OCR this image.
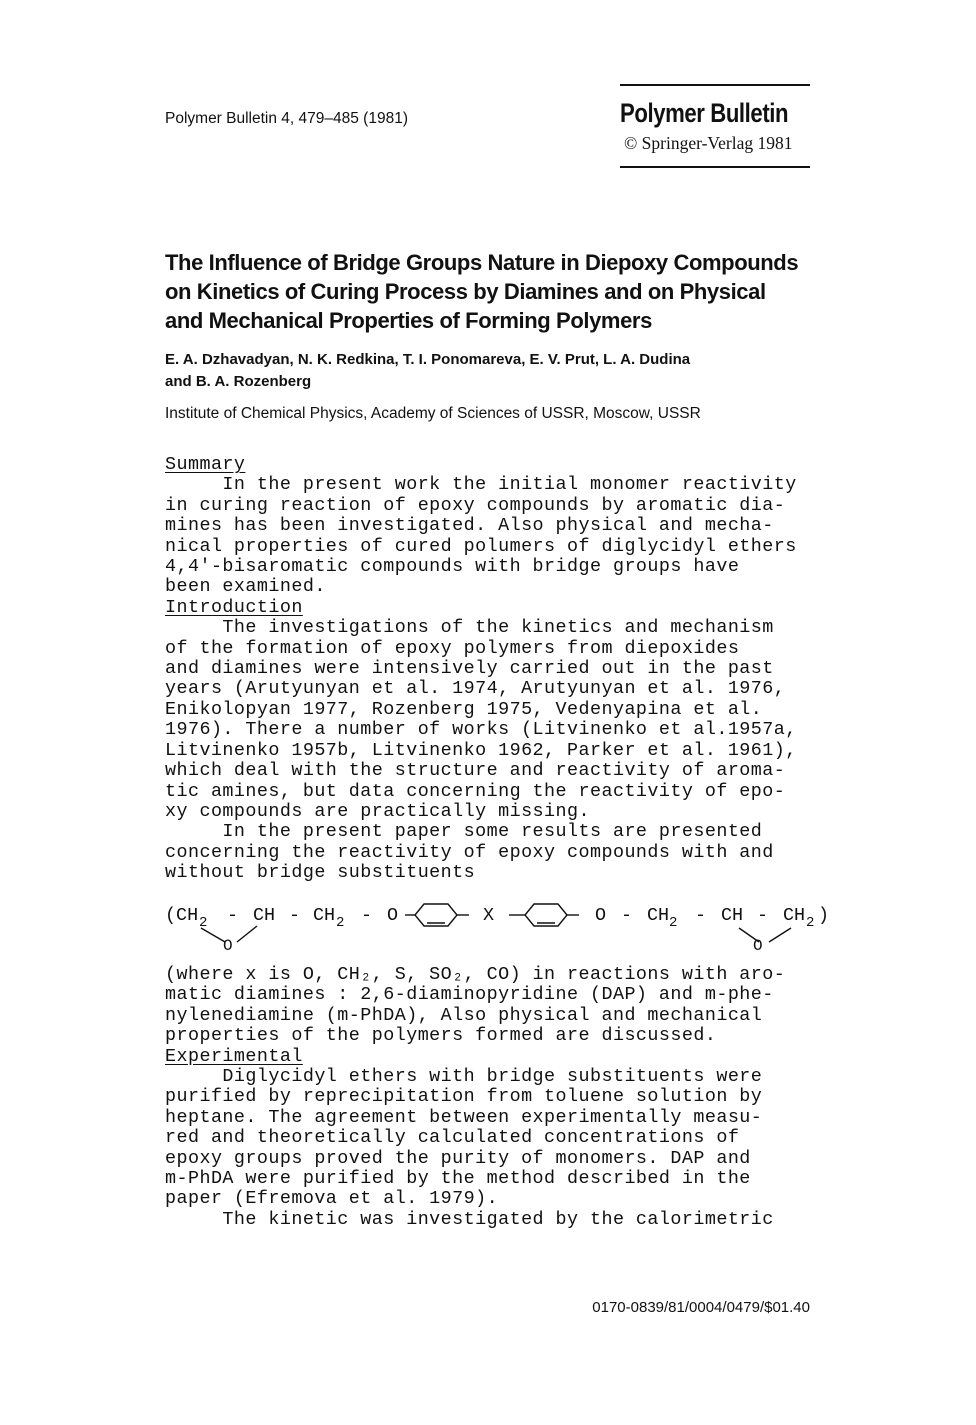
Polymer Bulletin 4, 479–485 (1981)	Polymer Bulletin
© Springer-Verlag 1981
The Influence of Bridge Groups Nature in Diepoxy Compounds
on Kinetics of Curing Process by Diamines and on Physical
and Mechanical Properties of Forming Polymers
E. A. Dzhavadyan, N. K. Redkina, T. I. Ponomareva, E. V. Prut, L. A. Dudina
and B. A. Rozenberg
Institute of Chemical Physics, Academy of Sciences of USSR, Moscow, USSR
Summary
In the present work the initial monomer reactivity
in curing reaction of epoxy compounds by aromatic dia-
mines has been investigated. Also physical and mecha-
nical properties of cured polumers of diglycidyl ethers
4,4'-bisaromatic compounds with bridge groups have
been examined.
Introduction
The investigations of the kinetics and mechanism
of the formation of epoxy polymers from diepoxides
and diamines were intensively carried out in the past
years (Arutyunyan et al. 1974, Arutyunyan et al. 1976,
Enikolopyan 1977, Rozenberg 1975, Vedenyapina et al.
1976). There a number of works (Litvinenko et al.1957a,
Litvinenko 1957b, Litvinenko 1962, Parker et al. 1961),
which deal with the structure and reactivity of aroma-
tic amines, but data concerning the reactivity of epo-
xy compounds are practically missing.
In the present paper some results are presented
concerning the reactivity of epoxy compounds with and
without bridge substituents
(CH 2 - CH - CH 2 - O	X	O - CH 2 - CH - CH 2 )
O	O
(where x is O, CH₂, S, SO₂, CO) in reactions with aro-
matic diamines : 2,6-diaminopyridine (DAP) and m-phe-
nylenediamine (m-PhDA), Also physical and mechanical
properties of the polymers formed are discussed.
Experimental
Diglycidyl ethers with bridge substituents were
purified by reprecipitation from toluene solution by
heptane. The agreement between experimentally measu-
red and theoretically calculated concentrations of
epoxy groups proved the purity of monomers. DAP and
m-PhDA were purified by the method described in the
paper (Efremova et al. 1979).
The kinetic was investigated by the calorimetric
0170-0839/81/0004/0479/$01.40
